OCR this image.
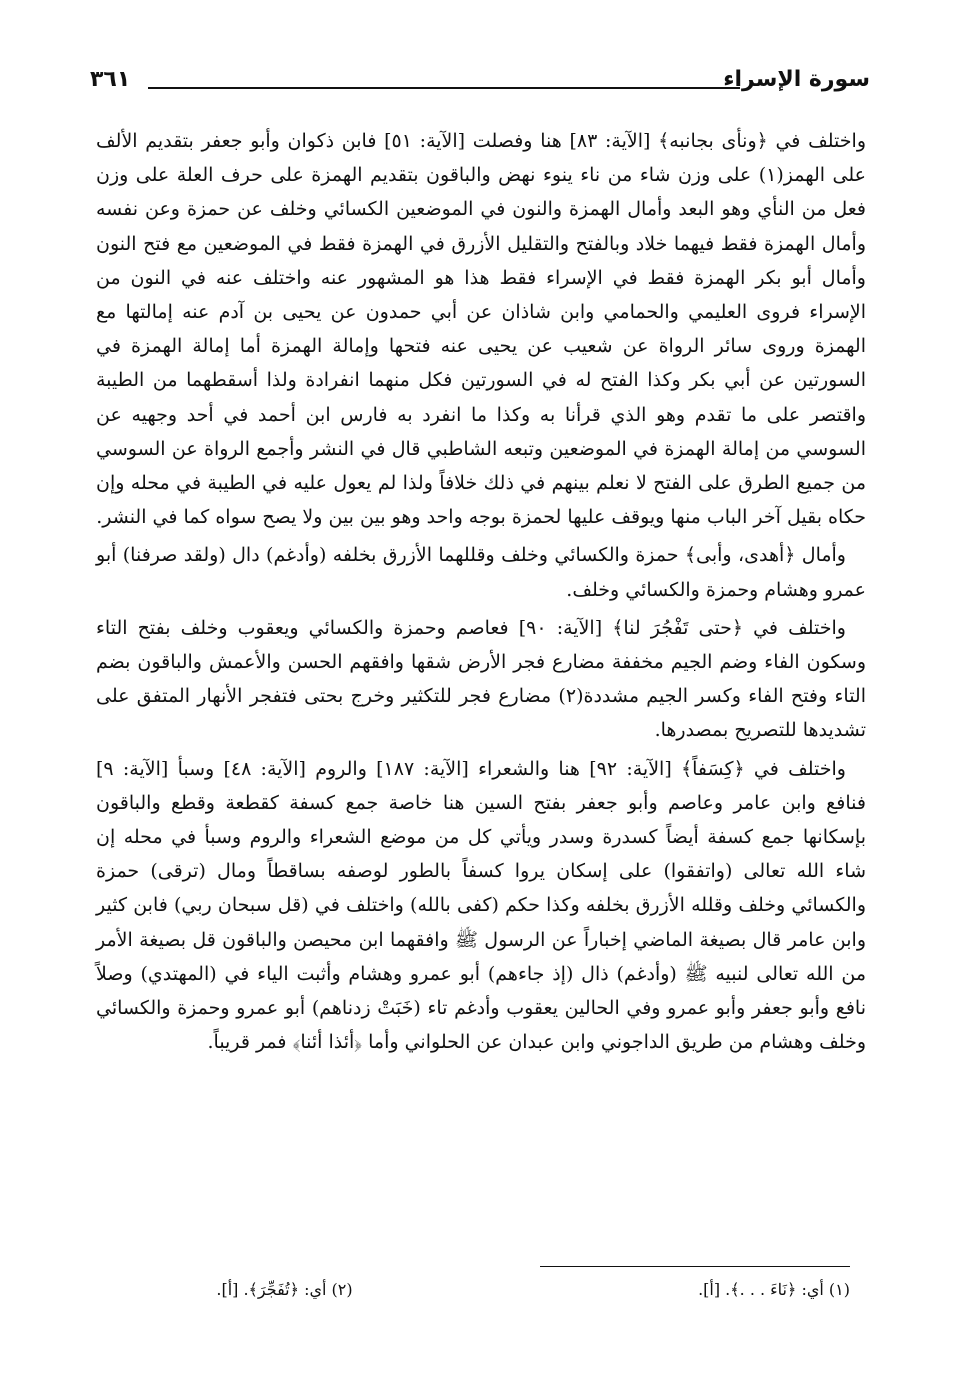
٣٦١	سورة الإسراء

واختلف في ﴿ونأى بجانبه﴾ [الآية: ٨٣] هنا وفصلت [الآية: ٥١] فابن ذكوان وأبو جعفر بتقديم الألف على الهمز(١) على وزن شاء من ناء ينوء نهض والباقون بتقديم الهمزة على حرف العلة على وزن فعل من النأي وهو البعد وأمال الهمزة والنون في الموضعين الكسائي وخلف عن حمزة وعن نفسه وأمال الهمزة فقط فيهما خلاد وبالفتح والتقليل الأزرق في الهمزة فقط في الموضعين مع فتح النون وأمال أبو بكر الهمزة فقط في الإسراء فقط هذا هو المشهور عنه واختلف عنه في النون من الإسراء فروى العليمي والحمامي وابن شاذان عن أبي حمدون عن يحيى بن آدم عنه إمالتها مع الهمزة وروى سائر الرواة عن شعيب عن يحيى عنه فتحها وإمالة الهمزة أما إمالة الهمزة في السورتين عن أبي بكر وكذا الفتح له في السورتين فكل منهما انفرادة ولذا أسقطهما من الطيبة واقتصر على ما تقدم وهو الذي قرأنا به وكذا ما انفرد به فارس ابن أحمد في أحد وجهيه عن السوسي من إمالة الهمزة في الموضعين وتبعه الشاطبي قال في النشر وأجمع الرواة عن السوسي من جميع الطرق على الفتح لا نعلم بينهم في ذلك خلافاً ولذا لم يعول عليه في الطيبة في محله وإن حكاه بقيل آخر الباب منها ويوقف عليها لحمزة بوجه واحد وهو بين بين ولا يصح سواه كما في النشر.

وأمال ﴿أهدى، وأبى﴾ حمزة والكسائي وخلف وقللهما الأزرق بخلفه (وأدغم) دال (ولقد صرفنا) أبو عمرو وهشام وحمزة والكسائي وخلف.

واختلف في ﴿حتى تَفْجُرَ لنا﴾ [الآية: ٩٠] فعاصم وحمزة والكسائي ويعقوب وخلف بفتح التاء وسكون الفاء وضم الجيم مخففة مضارع فجر الأرض شقها وافقهم الحسن والأعمش والباقون بضم التاء وفتح الفاء وكسر الجيم مشددة(٢) مضارع فجر للتكثير وخرج بحتى فتفجر الأنهار المتفق على تشديدها للتصريح بمصدرها.

واختلف في ﴿كِسَفاً﴾ [الآية: ٩٢] هنا والشعراء [الآية: ١٨٧] والروم [الآية: ٤٨] وسبأ [الآية: ٩] فنافع وابن عامر وعاصم وأبو جعفر بفتح السين هنا خاصة جمع كسفة كقطعة وقطع والباقون بإسكانها جمع كسفة أيضاً كسدرة وسدر ويأتي كل من موضع الشعراء والروم وسبأ في محله إن شاء الله تعالى (واتفقوا) على إسكان يروا كسفاً بالطور لوصفه بساقطاً ومال (ترقى) حمزة والكسائي وخلف وقلله الأزرق بخلفه وكذا حكم (كفى بالله) واختلف في (قل سبحان ربي) فابن كثير وابن عامر قال بصيغة الماضي إخباراً عن الرسول ﷺ وافقهما ابن محيصن والباقون قل بصيغة الأمر من الله تعالى لنبيه ﷺ (وأدغم) ذال (إذ جاءهم) أبو عمرو وهشام وأثبت الياء في (المهتدي) وصلاً نافع وأبو جعفر وأبو عمرو وفي الحالين يعقوب وأدغم تاء (خَبَتْ زدناهم) أبو عمرو وحمزة والكسائي وخلف وهشام من طريق الداجوني وابن عبدان عن الحلواني وأما ﴿أئذا أئنا﴾ فمر قريباً.

(١) أي: ﴿نَاءَ . . .﴾. [أ].
(٢) أي: ﴿تُفَجِّرَ﴾. [أ].
